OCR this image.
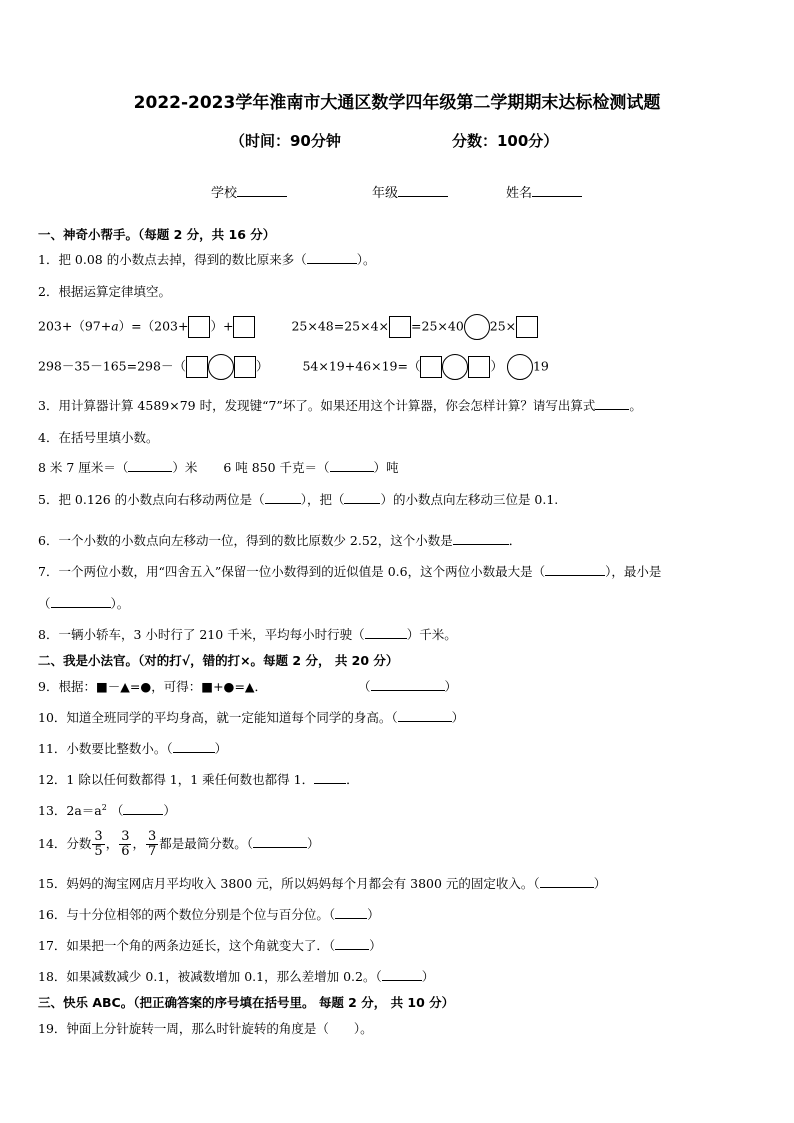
2022-2023学年淮南市大通区数学四年级第二学期期末达标检测试题
（时间：90分钟	分数：100分）
学校	年级	姓名
一、神奇小帮手。（每题 2 分，共 16 分）
1．把 0.08 的小数点去掉，得到的数比原来多（	）。
2．根据运算定律填空。
203+（97+a）=（203+ ）+	25×48=25×4× =25×40 25×
298－35－165=298－（	）	54×19+46×19=（	） 19
3．用计算器计算 4589×79 时，发现键“7”坏了。如果还用这个计算器，你会怎样计算？请写出算式	。
4．在括号里填小数。
8 米 7 厘米＝（	）米 6 吨 850 千克＝（	）吨
5．把 0.126 的小数点向右移动两位是（	），把（	）的小数点向左移动三位是 0.1.
6．一个小数的小数点向左移动一位，得到的数比原数少 2.52，这个小数是	．
7．一个两位小数，用“四舍五入”保留一位小数得到的近似值是 0.6，这个两位小数最大是（	），最小是
（	）。
8．一辆小轿车，3 小时行了 210 千米，平均每小时行驶（	）千米。
二、我是小法官。（对的打√，错的打×。每题 2 分， 共 20 分）
9．根据：■－▲=●，可得：■+●=▲．	（	）
10．知道全班同学的平均身高，就一定能知道每个同学的身高。（	）
11．小数要比整数小。（	）
12．1 除以任何数都得 1，1 乘任何数也都得 1．	．
13．$2a=a^2$ （	）
14．分数 $\frac{3}{5}$ ， $\frac{3}{6}$ ， $\frac{3}{7}$ 都是最简分数。（	）
15．妈妈的淘宝网店月平均收入 3800 元，所以妈妈每个月都会有 3800 元的固定收入。（	）
16．与十分位相邻的两个数位分别是个位与百分位。（	）
17．如果把一个角的两条边延长，这个角就变大了．（	）
18．如果减数减少 0.1，被减数增加 0.1，那么差增加 0.2。（	）
三、快乐 ABC。（把正确答案的序号填在括号里。 每题 2 分， 共 10 分）
19．钟面上分针旋转一周，那么时针旋转的角度是（　　）。
